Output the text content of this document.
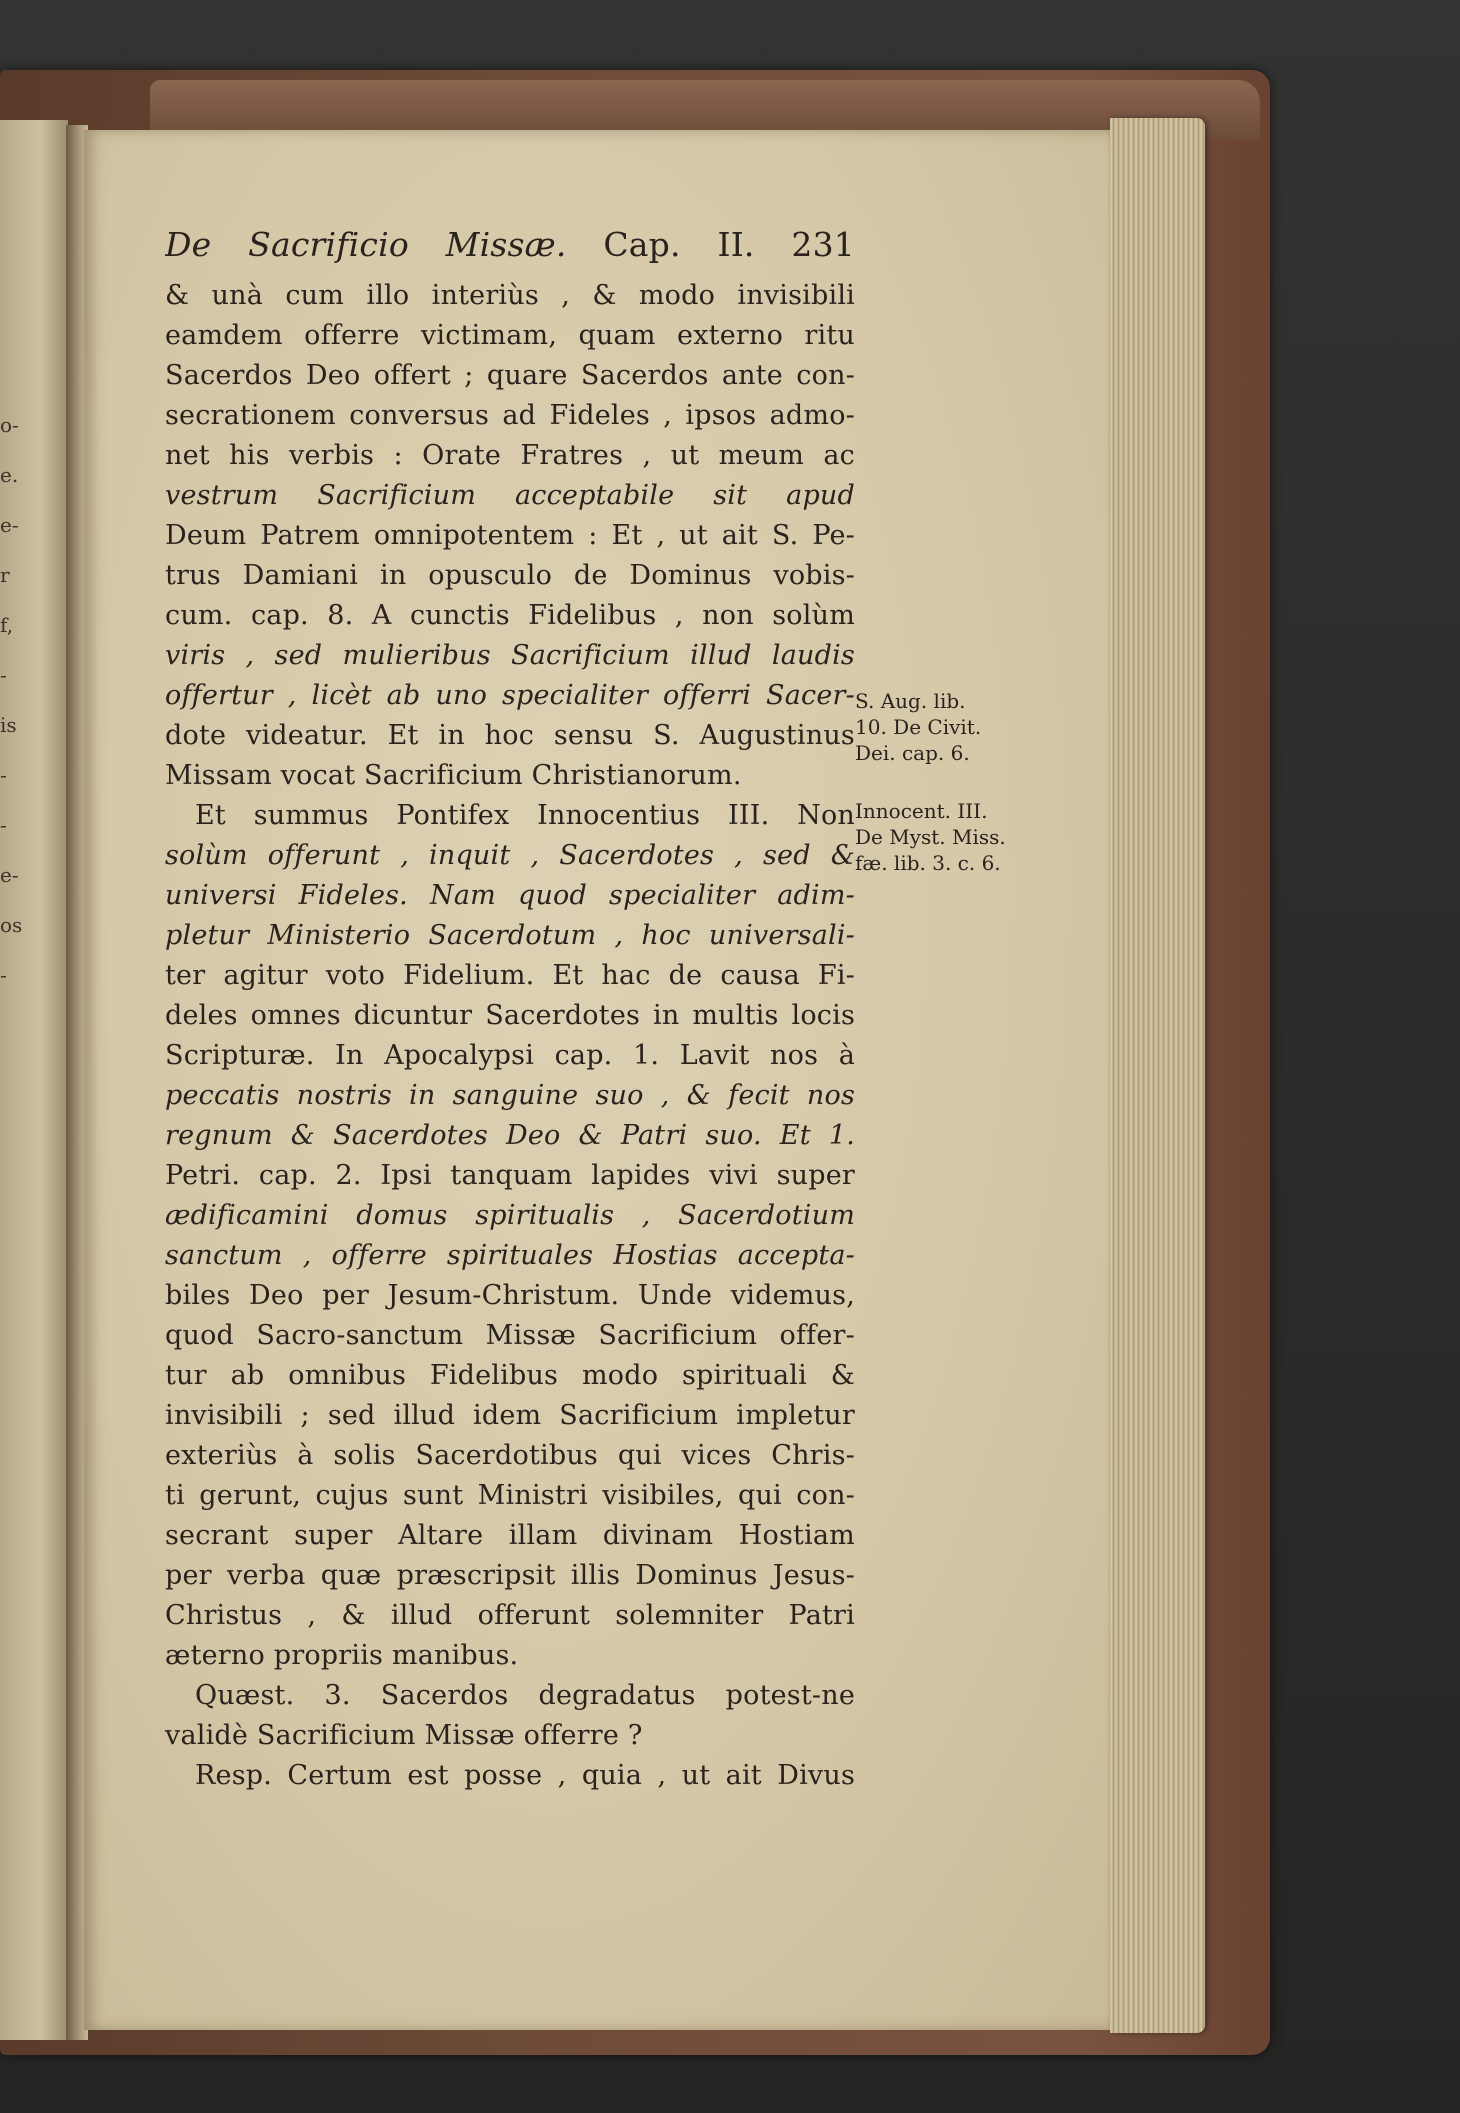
o-
e.
e-
r
f,
-
is
-
-
e-
os
-
De Sacrificio Missæ. Cap. II. 231
& unà cum illo interiùs , & modo invisibili
eamdem offerre victimam, quam externo ritu
Sacerdos Deo offert ; quare Sacerdos ante con-
secrationem conversus ad Fideles , ipsos admo-
net his verbis : Orate Fratres , ut meum ac
vestrum Sacrificium acceptabile sit apud
Deum Patrem omnipotentem : Et , ut ait S. Pe-
trus Damiani in opusculo de Dominus vobis-
cum. cap. 8. A cunctis Fidelibus , non solùm
viris , sed mulieribus Sacrificium illud laudis
offertur , licèt ab uno specialiter offerri Sacer-
dote videatur. Et in hoc sensu S. Augustinus
Missam vocat Sacrificium Christianorum.
Et summus Pontifex Innocentius III. Non
solùm offerunt , inquit , Sacerdotes , sed &
universi Fideles. Nam quod specialiter adim-
pletur Ministerio Sacerdotum , hoc universali-
ter agitur voto Fidelium. Et hac de causa Fi-
deles omnes dicuntur Sacerdotes in multis locis
Scripturæ. In Apocalypsi cap. 1. Lavit nos à
peccatis nostris in sanguine suo , & fecit nos
regnum & Sacerdotes Deo & Patri suo. Et 1.
Petri. cap. 2. Ipsi tanquam lapides vivi super
ædificamini domus spiritualis , Sacerdotium
sanctum , offerre spirituales Hostias accepta-
biles Deo per Jesum-Christum. Unde videmus,
quod Sacro-sanctum Missæ Sacrificium offer-
tur ab omnibus Fidelibus modo spirituali &
invisibili ; sed illud idem Sacrificium impletur
exteriùs à solis Sacerdotibus qui vices Chris-
ti gerunt, cujus sunt Ministri visibiles, qui con-
secrant super Altare illam divinam Hostiam
per verba quæ præscripsit illis Dominus Jesus-
Christus , & illud offerunt solemniter Patri
æterno propriis manibus.
Quæst. 3. Sacerdos degradatus potest-ne
validè Sacrificium Missæ offerre ?
Resp. Certum est posse , quia , ut ait Divus
S. Aug. lib.
10. De Civit.
Dei. cap. 6.
Innocent. III.
De Myst. Miss.
fæ. lib. 3. c. 6.
